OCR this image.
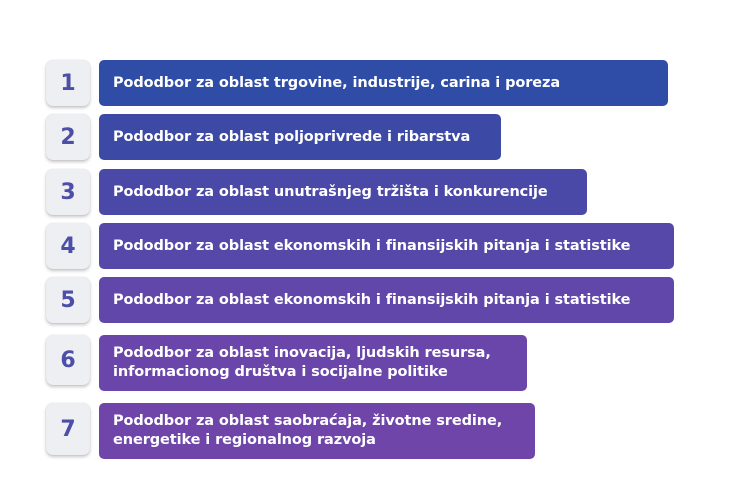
1	Pododbor za oblast trgovine, industrije, carina i poreza
2	Pododbor za oblast poljoprivrede i ribarstva
3	Pododbor za oblast unutrašnjeg tržišta i konkurencije
4	Pododbor za oblast ekonomskih i finansijskih pitanja i statistike
5	Pododbor za oblast ekonomskih i finansijskih pitanja i statistike
6	Pododbor za oblast inovacija, ljudskih resursa,
informacionog društva i socijalne politike
7	Pododbor za oblast saobraćaja, životne sredine,
energetike i regionalnog razvoja
